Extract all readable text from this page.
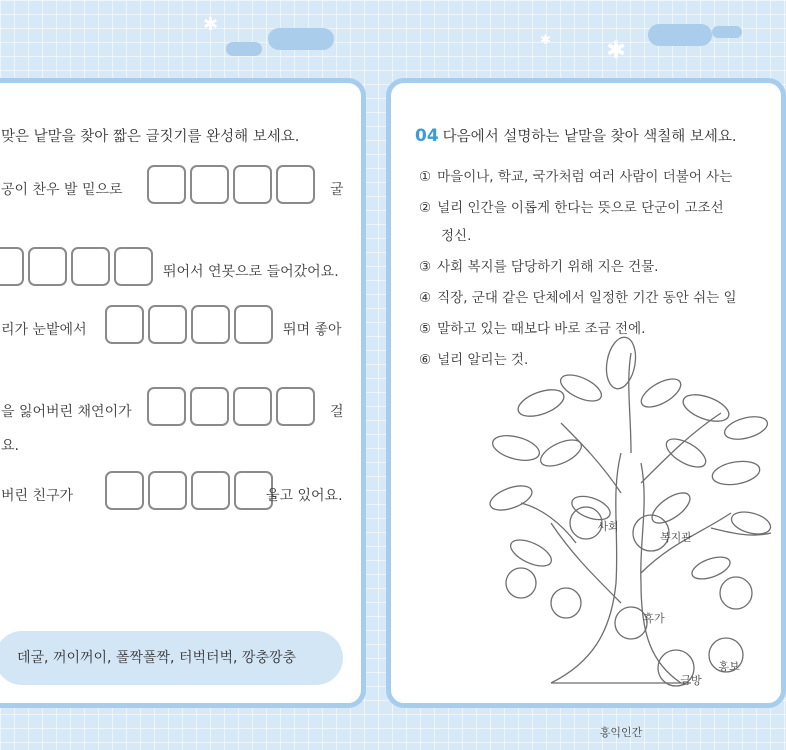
✱
✱ ✱
맞은 낱말을 찾아 짧은 글짓기를 완성해 보세요.
공이 찬우 발 밑으로	굴
뛰어서 연못으로 들어갔어요.
리가 눈밭에서	뛰며 좋아
을 잃어버린 채연이가	걸
요.
버린 친구가	울고 있어요.
데굴, 꺼이꺼이, 폴짝폴짝, 터벅터벅, 깡충깡충
04 다음에서 설명하는 낱말을 찾아 색칠해 보세요.
① 마을이나, 학교, 국가처럼 여러 사람이 더불어 사는
② 널리 인간을 이롭게 한다는 뜻으로 단군이 고조선
정신.
③ 사회 복지를 담당하기 위해 지은 건물.
④ 직장, 군대 같은 단체에서 일정한 기간 동안 쉬는 일
⑤ 말하고 있는 때보다 바로 조금 전에.
⑥ 널리 알리는 것.
사회
복지관
휴가
금방
홍보
홍익인간
